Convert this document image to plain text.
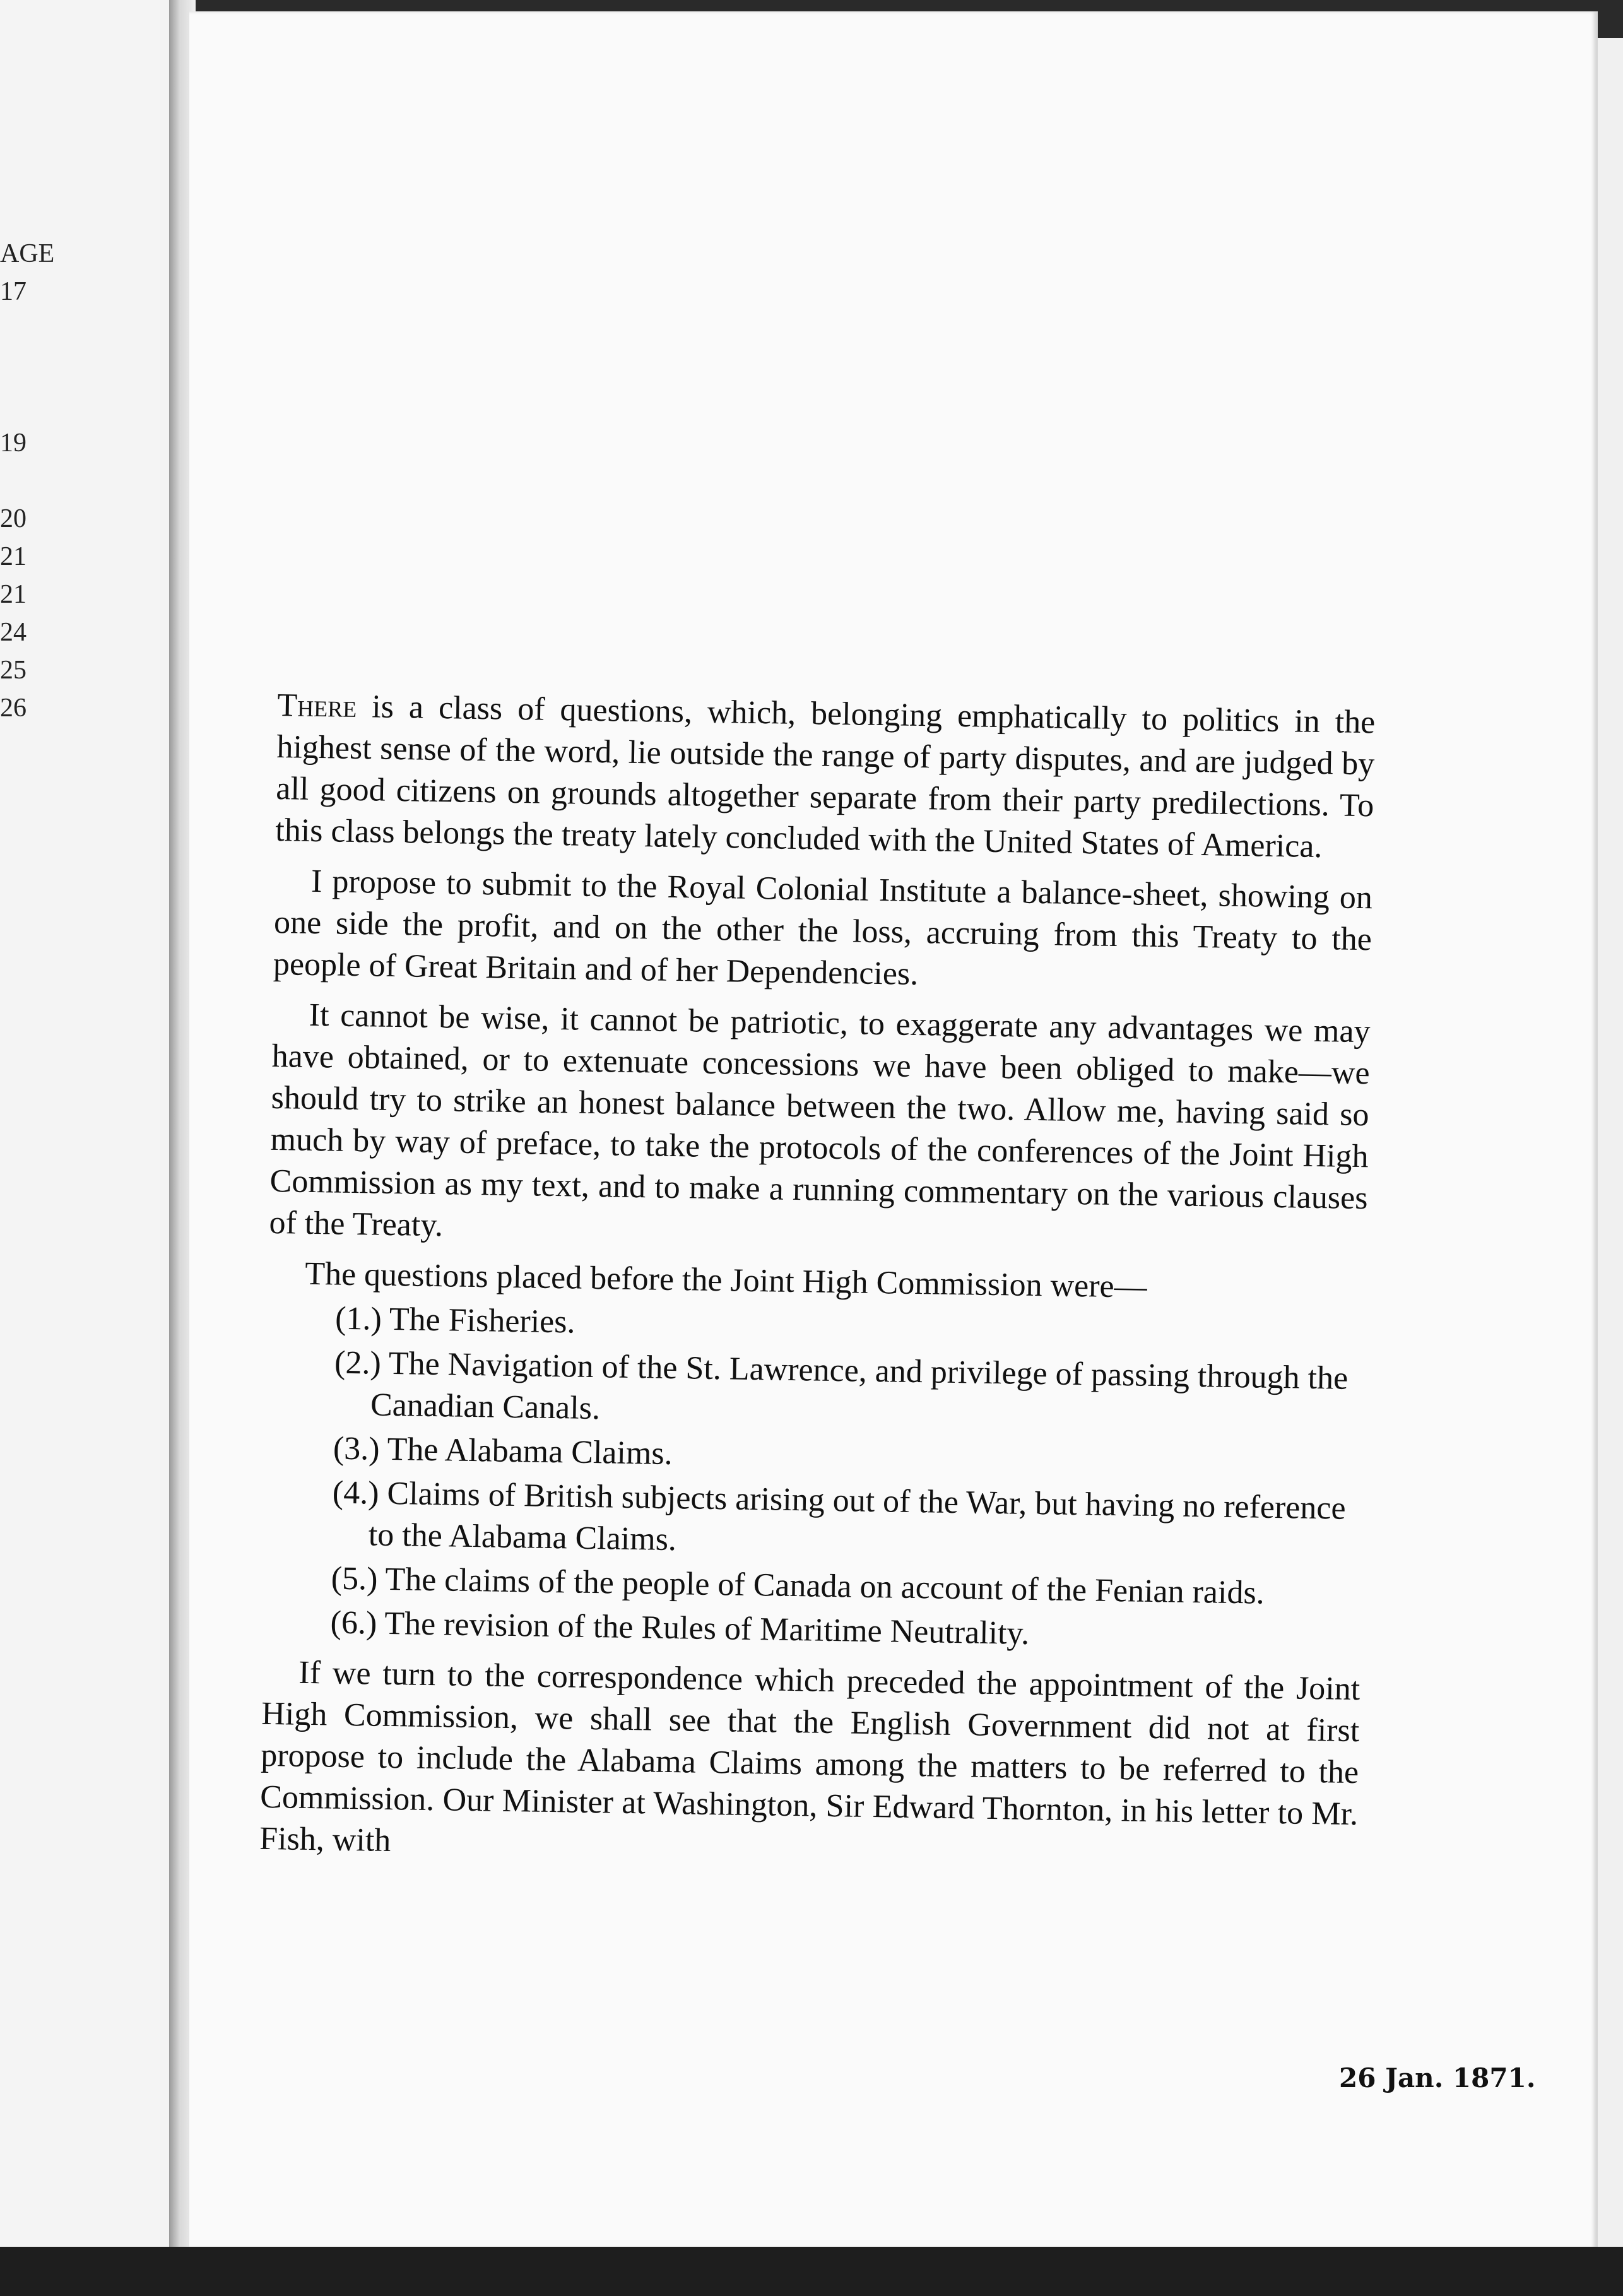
AGE
17

19

20
21
21
24
25
26	There is a class of questions, which, belonging emphatically to politics in the highest sense of the word, lie outside the range of party disputes, and are judged by all good citizens on grounds altogether separate from their party predilections. To this class belongs the treaty lately concluded with the United States of America.

I propose to submit to the Royal Colonial Institute a balance-sheet, showing on one side the profit, and on the other the loss, accruing from this Treaty to the people of Great Britain and of her Dependencies.

It cannot be wise, it cannot be patriotic, to exaggerate any advantages we may have obtained, or to extenuate concessions we have been obliged to make—we should try to strike an honest balance between the two. Allow me, having said so much by way of preface, to take the protocols of the conferences of the Joint High Commission as my text, and to make a running commentary on the various clauses of the Treaty.

The questions placed before the Joint High Commission were—

(1.) The Fisheries.
(2.) The Navigation of the St. Lawrence, and privilege of passing through the Canadian Canals.
(3.) The Alabama Claims.
(4.) Claims of British subjects arising out of the War, but having no reference to the Alabama Claims.
(5.) The claims of the people of Canada on account of the Fenian raids.
(6.) The revision of the Rules of Maritime Neutrality.

If we turn to the correspondence which preceded the appointment of the Joint High Commission, we shall see that the English Government did not at first propose to include the Alabama Claims among the matters to be referred to the Commission. Our Minister at Washington, Sir Edward Thornton, in his letter to Mr. Fish, with

26 Jan. 1871.
